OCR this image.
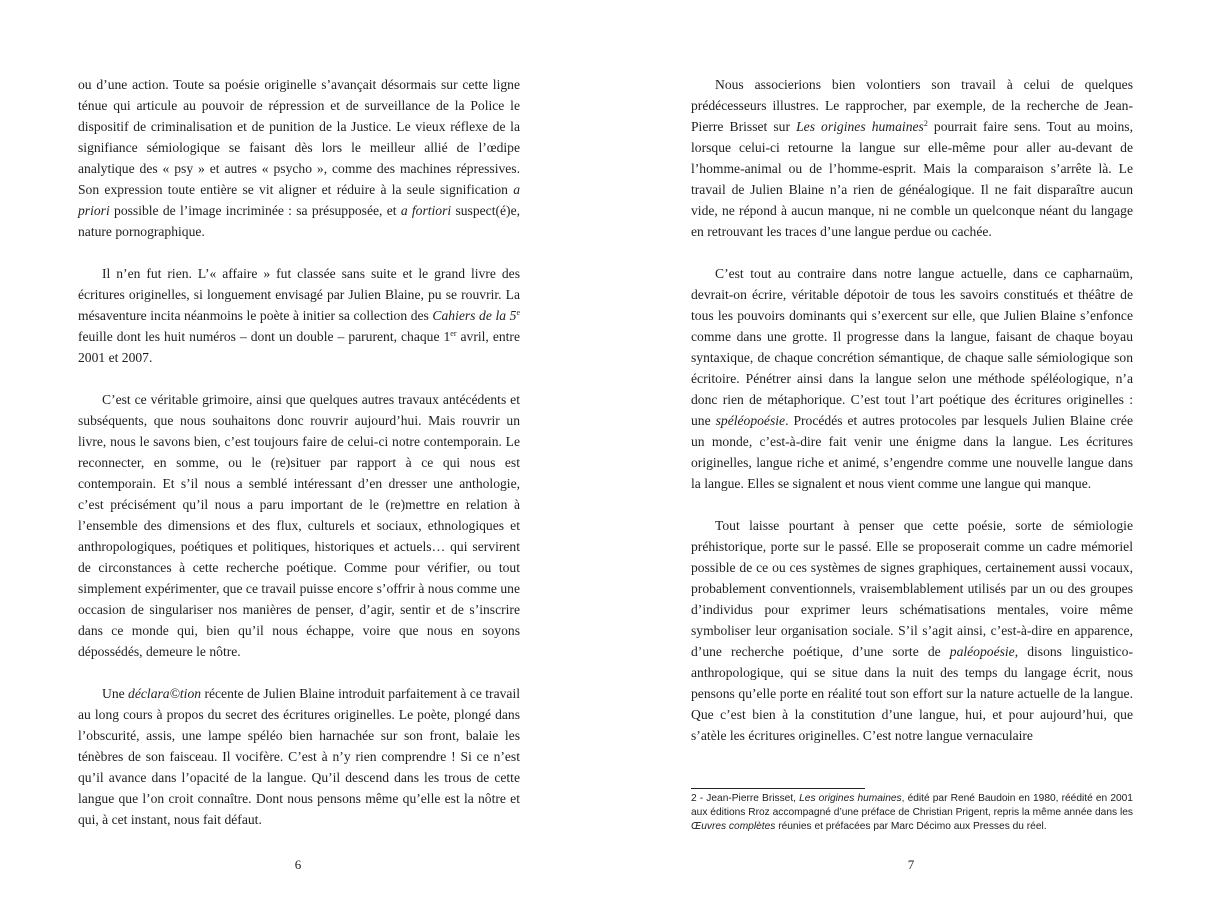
ou d’une action. Toute sa poésie originelle s’avançait désormais sur cette ligne ténue qui articule au pouvoir de répression et de surveillance de la Police le dispositif de criminalisation et de punition de la Justice. Le vieux réflexe de la signifiance sémiologique se faisant dès lors le meilleur allié de l’œdipe analytique des « psy » et autres « psycho », comme des machines répressives. Son expression toute entière se vit aligner et réduire à la seule signification a priori possible de l’image incriminée : sa présupposée, et a fortiori suspect(é)e, nature pornographique.

Il n’en fut rien. L’« affaire » fut classée sans suite et le grand livre des écritures originelles, si longuement envisagé par Julien Blaine, pu se rouvrir. La mésaventure incita néanmoins le poète à initier sa collection des Cahiers de la 5e feuille dont les huit numéros – dont un double – parurent, chaque 1er avril, entre 2001 et 2007.

C’est ce véritable grimoire, ainsi que quelques autres travaux antécédents et subséquents, que nous souhaitons donc rouvrir aujourd’hui. Mais rouvrir un livre, nous le savons bien, c’est toujours faire de celui-ci notre contemporain. Le reconnecter, en somme, ou le (re)situer par rapport à ce qui nous est contemporain. Et s’il nous a semblé intéressant d’en dresser une anthologie, c’est précisément qu’il nous a paru important de le (re)mettre en relation à l’ensemble des dimensions et des flux, culturels et sociaux, ethnologiques et anthropologiques, poétiques et politiques, historiques et actuels… qui servirent de circonstances à cette recherche poétique. Comme pour vérifier, ou tout simplement expérimenter, que ce travail puisse encore s’offrir à nous comme une occasion de singulariser nos manières de penser, d’agir, sentir et de s’inscrire dans ce monde qui, bien qu’il nous échappe, voire que nous en soyons dépossédés, demeure le nôtre.

Une déclara©tion récente de Julien Blaine introduit parfaitement à ce travail au long cours à propos du secret des écritures originelles. Le poète, plongé dans l’obscurité, assis, une lampe spéléo bien harnachée sur son front, balaie les ténèbres de son faisceau. Il vocifère. C’est à n’y rien comprendre ! Si ce n’est qu’il avance dans l’opacité de la langue. Qu’il descend dans les trous de cette langue que l’on croit connaître. Dont nous pensons même qu’elle est la nôtre et qui, à cet instant, nous fait défaut.

6

Nous associerions bien volontiers son travail à celui de quelques prédécesseurs illustres. Le rapprocher, par exemple, de la recherche de Jean-Pierre Brisset sur Les origines humaines$^2$ pourrait faire sens. Tout au moins, lorsque celui-ci retourne la langue sur elle-même pour aller au-devant de l’homme-animal ou de l’homme-esprit. Mais la comparaison s’arrête là. Le travail de Julien Blaine n’a rien de généalogique. Il ne fait disparaître aucun vide, ne répond à aucun manque, ni ne comble un quelconque néant du langage en retrouvant les traces d’une langue perdue ou cachée.

C’est tout au contraire dans notre langue actuelle, dans ce capharnaüm, devrait-on écrire, véritable dépotoir de tous les savoirs constitués et théâtre de tous les pouvoirs dominants qui s’exercent sur elle, que Julien Blaine s’enfonce comme dans une grotte. Il progresse dans la langue, faisant de chaque boyau syntaxique, de chaque concrétion sémantique, de chaque salle sémiologique son écritoire. Pénétrer ainsi dans la langue selon une méthode spéléologique, n’a donc rien de métaphorique. C’est tout l’art poétique des écritures originelles : une spéléopoésie. Procédés et autres protocoles par lesquels Julien Blaine crée un monde, c’est-à-dire fait venir une énigme dans la langue. Les écritures originelles, langue riche et animé, s’engendre comme une nouvelle langue dans la langue. Elles se signalent et nous vient comme une langue qui manque.

Tout laisse pourtant à penser que cette poésie, sorte de sémiologie préhistorique, porte sur le passé. Elle se proposerait comme un cadre mémoriel possible de ce ou ces systèmes de signes graphiques, certainement aussi vocaux, probablement conventionnels, vraisemblablement utilisés par un ou des groupes d’individus pour exprimer leurs schématisations mentales, voire même symboliser leur organisation sociale. S’il s’agit ainsi, c’est-à-dire en apparence, d’une recherche poétique, d’une sorte de paléopoésie, disons linguistico-anthropologique, qui se situe dans la nuit des temps du langage écrit, nous pensons qu’elle porte en réalité tout son effort sur la nature actuelle de la langue. Que c’est bien à la constitution d’une langue, hui, et pour aujourd’hui, que s’atèle les écritures originelles. C’est notre langue vernaculaire

2 - Jean-Pierre Brisset, Les origines humaines, édité par René Baudoin en 1980, réédité en 2001 aux éditions Rroz accompagné d’une préface de Christian Prigent, repris la même année dans les Œuvres complètes réunies et préfacées par Marc Décimo aux Presses du réel.
7
